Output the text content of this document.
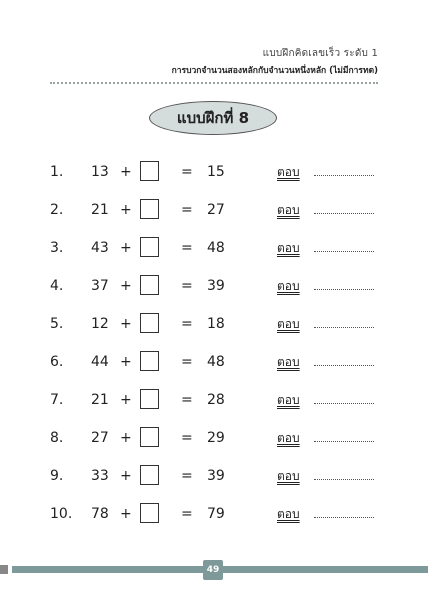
แบบฝึกคิดเลขเร็ว ระดับ 1
การบวกจำนวนสองหลักกับจำนวนหนึ่งหลัก (ไม่มีการทด)
แบบฝึกที่ 8
1. 13 +	= 15	ตอบ
2. 21 +	= 27	ตอบ
3. 43 +	= 48	ตอบ
4. 37 +	= 39	ตอบ
5. 12 +	= 18	ตอบ
6. 44 +	= 48	ตอบ
7. 21 +	= 28	ตอบ
8. 27 +	= 29	ตอบ
9. 33 +	= 39	ตอบ
10. 78 +	= 79	ตอบ
49
